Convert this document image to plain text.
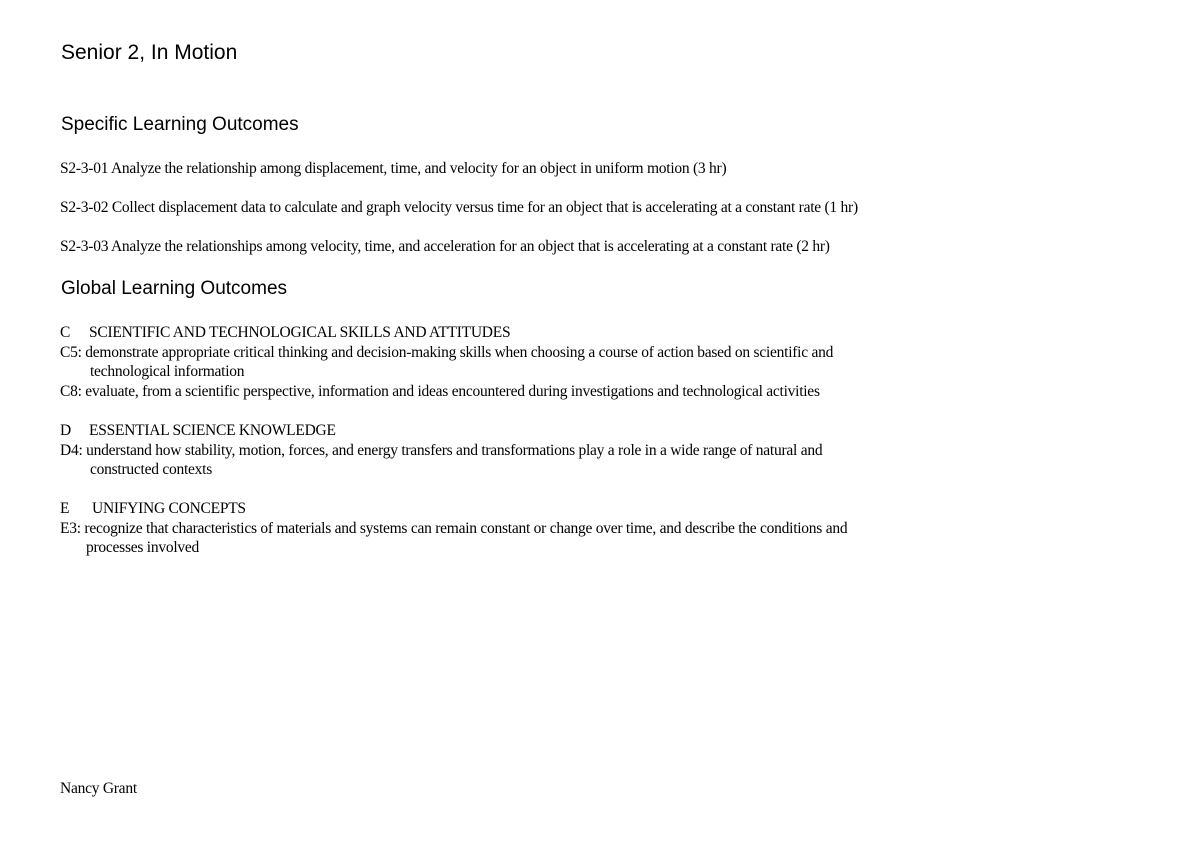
Senior 2, In Motion
Specific Learning Outcomes

S2-3-01 Analyze the relationship among displacement, time, and velocity for an object in uniform motion (3 hr)

S2-3-02 Collect displacement data to calculate and graph velocity versus time for an object that is accelerating at a constant rate (1 hr)

S2-3-03 Analyze the relationships among velocity, time, and acceleration for an object that is accelerating at a constant rate (2 hr)

Global Learning Outcomes
C SCIENTIFIC AND TECHNOLOGICAL SKILLS AND ATTITUDES
C5: demonstrate appropriate critical thinking and decision-making skills when choosing a course of action based on scientific and
technological information
C8: evaluate, from a scientific perspective, information and ideas encountered during investigations and technological activities
D ESSENTIAL SCIENCE KNOWLEDGE
D4: understand how stability, motion, forces, and energy transfers and transformations play a role in a wide range of natural and
constructed contexts
E UNIFYING CONCEPTS
E3: recognize that characteristics of materials and systems can remain constant or change over time, and describe the conditions and
processes involved

Nancy Grant
